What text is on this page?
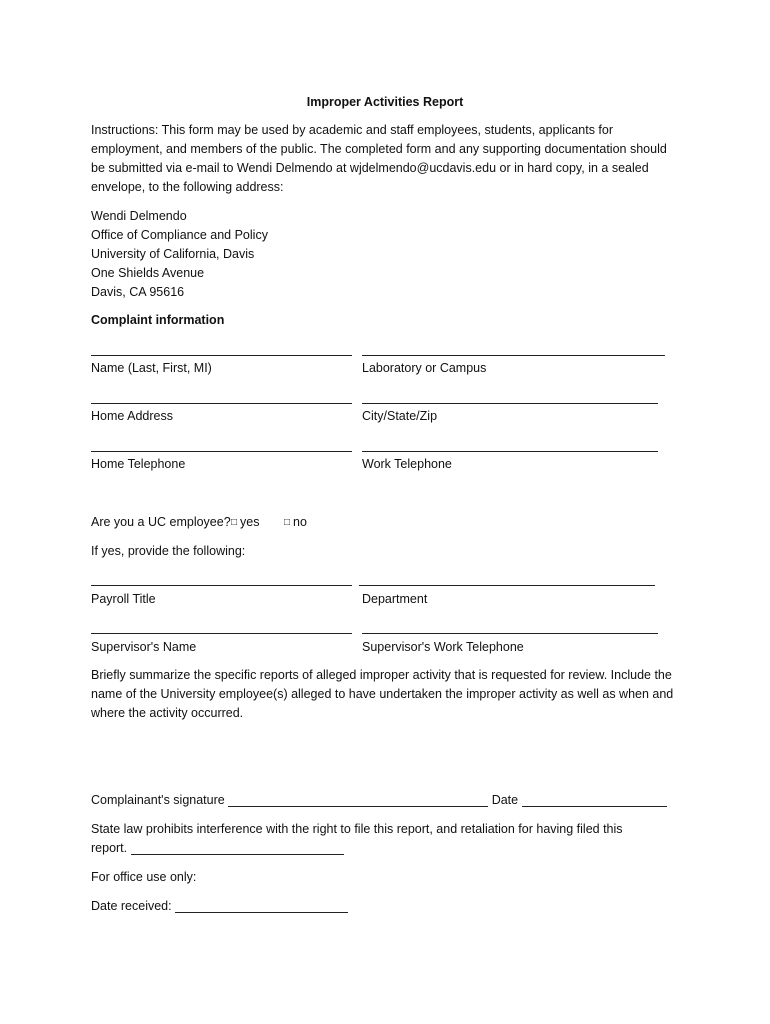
Improper Activities Report
Instructions: This form may be used by academic and staff employees, students, applicants for employment, and members of the public. The completed form and any supporting documentation should be submitted via e-mail to Wendi Delmendo at wjdelmendo@ucdavis.edu or in hard copy, in a sealed envelope, to the following address:
Wendi Delmendo
Office of Compliance and Policy
University of California, Davis
One Shields Avenue
Davis, CA 95616
Complaint information
Name (Last, First, MI)	Laboratory or Campus
Home Address	City/State/Zip
Home Telephone	Work Telephone
Are you a UC employee? □ yes □ no
If yes, provide the following:
Payroll Title	Department
Supervisor's Name	Supervisor's Work Telephone
Briefly summarize the specific reports of alleged improper activity that is requested for review. Include the name of the University employee(s) alleged to have undertaken the improper activity as well as when and where the activity occurred.
Complainant's signature	Date
State law prohibits interference with the right to file this report, and retaliation for having filed this
report.
For office use only:
Date received:
